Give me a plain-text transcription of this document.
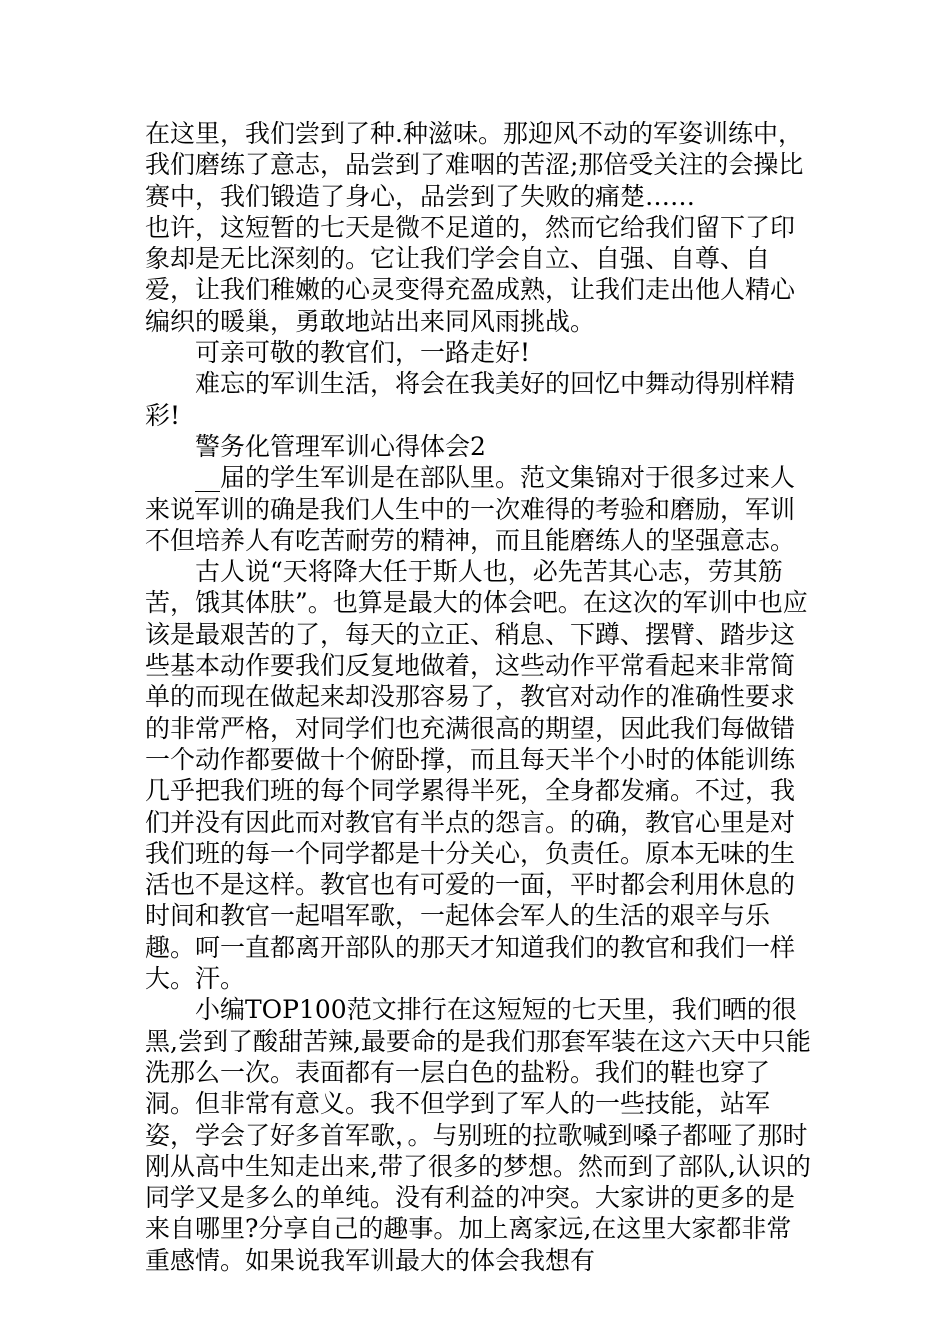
在这里，我们尝到了种.种滋味。那迎风不动的军姿训练中，我们磨练了意志，品尝到了难咽的苦涩;那倍受关注的会操比赛中，我们锻造了身心，品尝到了失败的痛楚……

也许，这短暂的七天是微不足道的，然而它给我们留下了印象却是无比深刻的。它让我们学会自立、自强、自尊、自爱，让我们稚嫩的心灵变得充盈成熟，让我们走出他人精心编织的暖巢，勇敢地站出来同风雨挑战。

可亲可敬的教官们，一路走好!

难忘的军训生活，将会在我美好的回忆中舞动得别样精彩!

警务化管理军训心得体会2

__届的学生军训是在部队里。范文集锦对于很多过来人来说军训的确是我们人生中的一次难得的考验和磨励，军训不但培养人有吃苦耐劳的精神，而且能磨练人的坚强意志。

古人说“天将降大任于斯人也，必先苦其心志，劳其筋苦，饿其体肤”。也算是最大的体会吧。在这次的军训中也应该是最艰苦的了，每天的立正、稍息、下蹲、摆臂、踏步这些基本动作要我们反复地做着，这些动作平常看起来非常简单的而现在做起来却没那容易了，教官对动作的准确性要求的非常严格，对同学们也充满很高的期望，因此我们每做错一个动作都要做十个俯卧撑，而且每天半个小时的体能训练几乎把我们班的每个同学累得半死，全身都发痛。不过，我们并没有因此而对教官有半点的怨言。的确，教官心里是对我们班的每一个同学都是十分关心，负责任。原本无味的生活也不是这样。教官也有可爱的一面，平时都会利用休息的时间和教官一起唱军歌，一起体会军人的生活的艰辛与乐趣。呵一直都离开部队的那天才知道我们的教官和我们一样大。汗。

小编TOP100范文排行在这短短的七天里，我们晒的很黑,尝到了酸甜苦辣,最要命的是我们那套军装在这六天中只能洗那么一次。表面都有一层白色的盐粉。我们的鞋也穿了洞。但非常有意义。我不但学到了军人的一些技能，站军姿，学会了好多首军歌，。与别班的拉歌喊到嗓子都哑了那时刚从高中生知走出来,带了很多的梦想。然而到了部队,认识的同学又是多么的单纯。没有利益的冲突。大家讲的更多的是来自哪里?分享自己的趣事。加上离家远,在这里大家都非常重感情。如果说我军训最大的体会我想有
